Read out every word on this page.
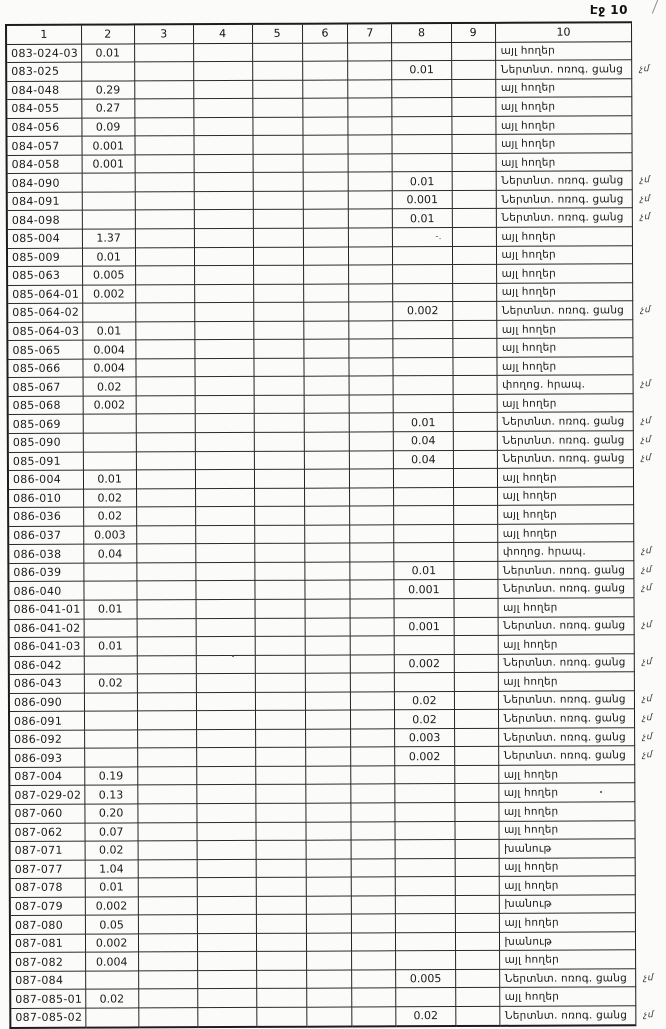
Էջ 10
1	2	3	4	5	6	7	8	9	10	
083-024-03	0.01								այլ հողեր	
083-025							0.01		Ներտնտ. ոռոգ. ցանց	չմ
084-048	0.29								այլ հողեր	
084-055	0.27								այլ հողեր	
084-056	0.09								այլ հողեր	
084-057	0.001								այլ հողեր	
084-058	0.001								այլ հողեր	
084-090							0.01		Ներտնտ. ոռոգ. ցանց	չմ
084-091							0.001		Ներտնտ. ոռոգ. ցանց	չմ
084-098							0.01		Ներտնտ. ոռոգ. ցանց	չմ
085-004	1.37						-.		այլ հողեր	
085-009	0.01								այլ հողեր	
085-063	0.005								այլ հողեր	
085-064-01	0.002								այլ հողեր	
085-064-02							0.002		Ներտնտ. ոռոգ. ցանց	չմ
085-064-03	0.01								այլ հողեր	
085-065	0.004								այլ հողեր	
085-066	0.004								այլ հողեր	
085-067	0.02								փողոց. հրապ.	չմ
085-068	0.002								այլ հողեր	
085-069							0.01		Ներտնտ. ոռոգ. ցանց	չմ
085-090							0.04		Ներտնտ. ոռոգ. ցանց	չմ
085-091							0.04		Ներտնտ. ոռոգ. ցանց	չմ
086-004	0.01								այլ հողեր	
086-010	0.02								այլ հողեր	
086-036	0.02								այլ հողեր	
086-037	0.003								այլ հողեր	
086-038	0.04								փողոց. հրապ.	չմ
086-039							0.01		Ներտնտ. ոռոգ. ցանց	չմ
086-040							0.001		Ներտնտ. ոռոգ. ցանց	չմ
086-041-01	0.01								այլ հողեր	
086-041-02							0.001		Ներտնտ. ոռոգ. ցանց	չմ
086-041-03	0.01								այլ հողեր	
086-042							0.002		Ներտնտ. ոռոգ. ցանց	չմ
086-043	0.02								այլ հողեր	
086-090							0.02		Ներտնտ. ոռոգ. ցանց	չմ
086-091							0.02		Ներտնտ. ոռոգ. ցանց	չմ
086-092							0.003		Ներտնտ. ոռոգ. ցանց	չմ
086-093							0.002		Ներտնտ. ոռոգ. ցանց	չմ
087-004	0.19								այլ հողեր	
087-029-02	0.13								այլ հողեր	
087-060	0.20								այլ հողեր	
087-062	0.07								այլ հողեր	
087-071	0.02								խանութ	
087-077	1.04								այլ հողեր	
087-078	0.01								այլ հողեր	
087-079	0.002								խանութ	
087-080	0.05								այլ հողեր	
087-081	0.002								խանութ	
087-082	0.004								այլ հողեր	
087-084							0.005		Ներտնտ. ոռոգ. ցանց	չմ
087-085-01	0.02								այլ հողեր	
087-085-02							0.02		Ներտնտ. ոռոգ. ցանց	չմ
